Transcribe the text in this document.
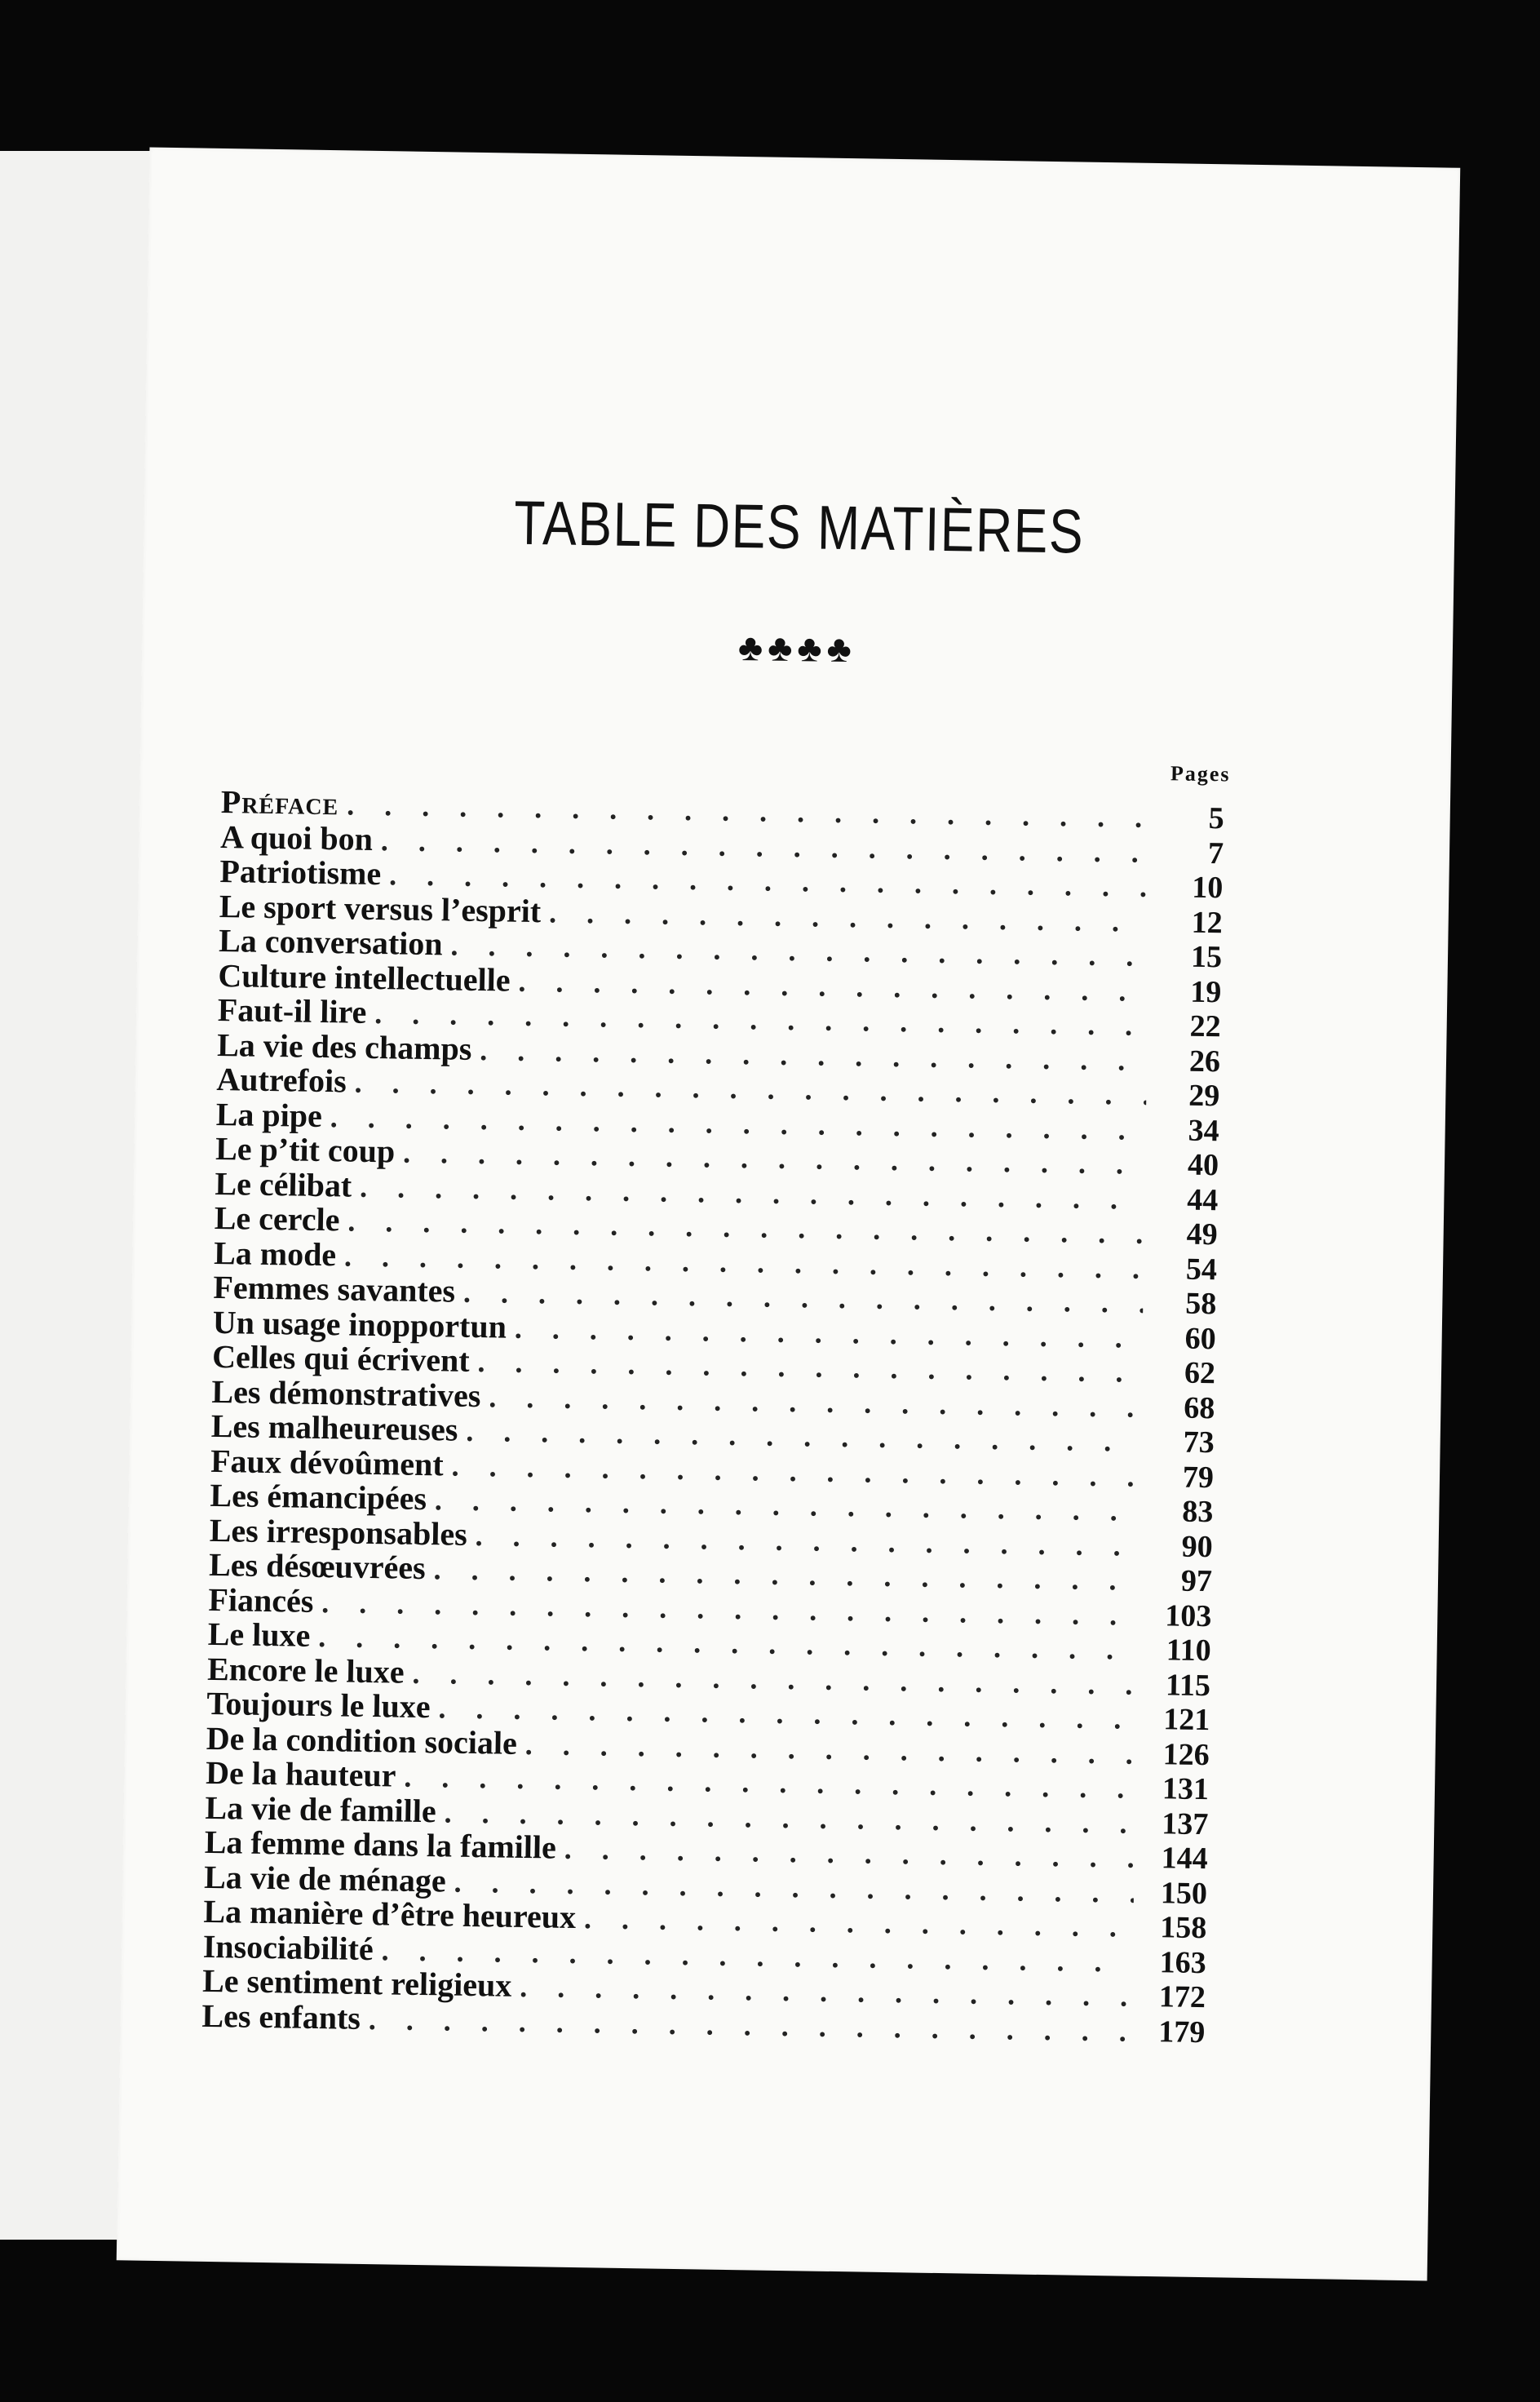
TABLE DES MATIÈRES
♣♣♣♣
Pages
Préface . . .	5
A quoi bon . . .	7
Patriotisme . . .	10
Le sport versus l’esprit . . .	12
La conversation . . .	15
Culture intellectuelle . . .	19
Faut-il lire . . .	22
La vie des champs . . .	26
Autrefois . . .	29
La pipe . . .	34
Le p’tit coup . . .	40
Le célibat . . .	44
Le cercle . . .	49
La mode . . .	54
Femmes savantes . . .	58
Un usage inopportun . . .	60
Celles qui écrivent . . .	62
Les démonstratives . . .	68
Les malheureuses . . .	73
Faux dévoûment . . .	79
Les émancipées . . .	83
Les irresponsables . . .	90
Les désœuvrées . . .	97
Fiancés . . .	103
Le luxe . . .	110
Encore le luxe . . .	115
Toujours le luxe . . .	121
De la condition sociale . . .	126
De la hauteur . . .	131
La vie de famille . . .	137
La femme dans la famille . . .	144
La vie de ménage . . .	150
La manière d’être heureux . . .	158
Insociabilité . . .	163
Le sentiment religieux . . .	172
Les enfants . . .	179
